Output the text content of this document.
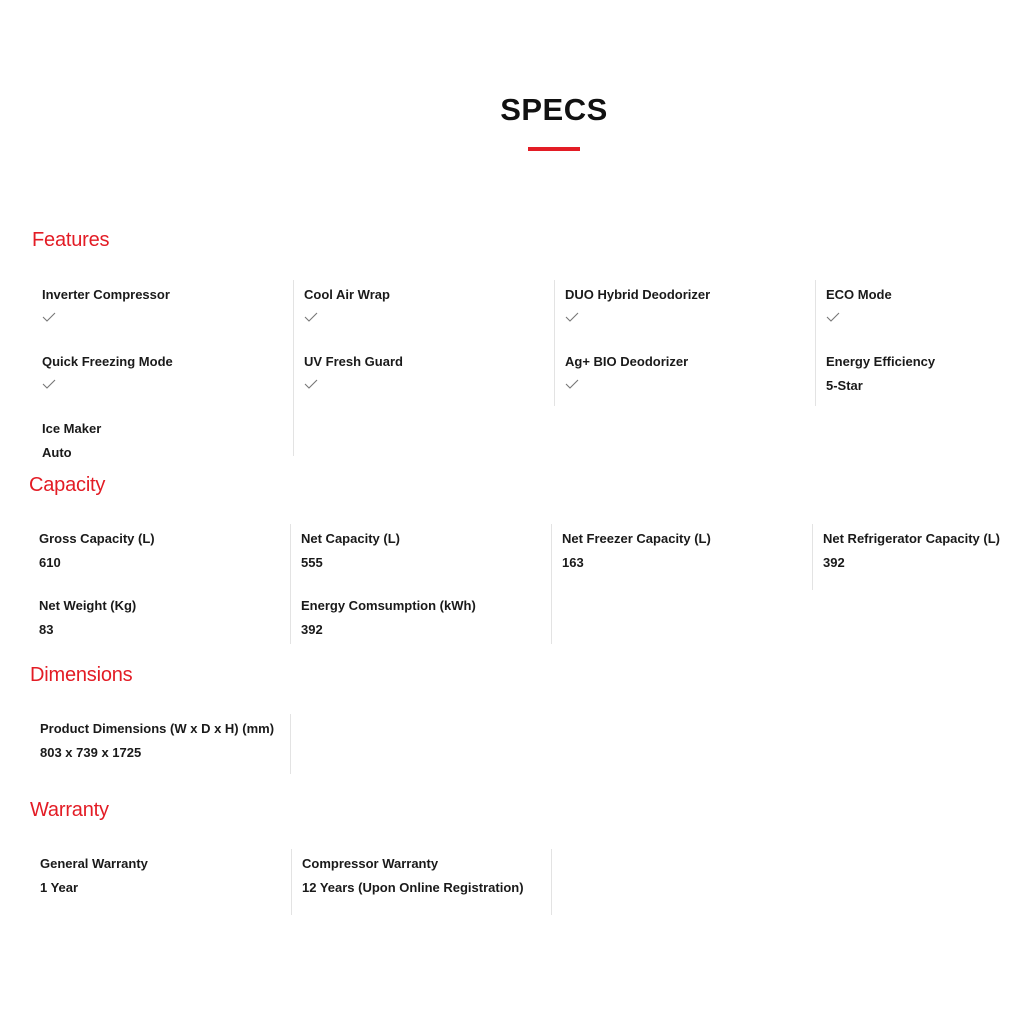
SPECS
Features
Inverter Compressor
Quick Freezing Mode
Ice Maker
Auto
Cool Air Wrap
UV Fresh Guard
DUO Hybrid Deodorizer
Ag+ BIO Deodorizer
ECO Mode
Energy Efficiency
5-Star
Capacity
Gross Capacity (L)
610
Net Weight (Kg)
83
Net Capacity (L)
555
Energy Comsumption (kWh)
392
Net Freezer Capacity (L)
163
Net Refrigerator Capacity (L)
392
Dimensions
Product Dimensions (W x D x H) (mm)
803 x 739 x 1725
Warranty
General Warranty
1 Year
Compressor Warranty
12 Years (Upon Online Registration)
